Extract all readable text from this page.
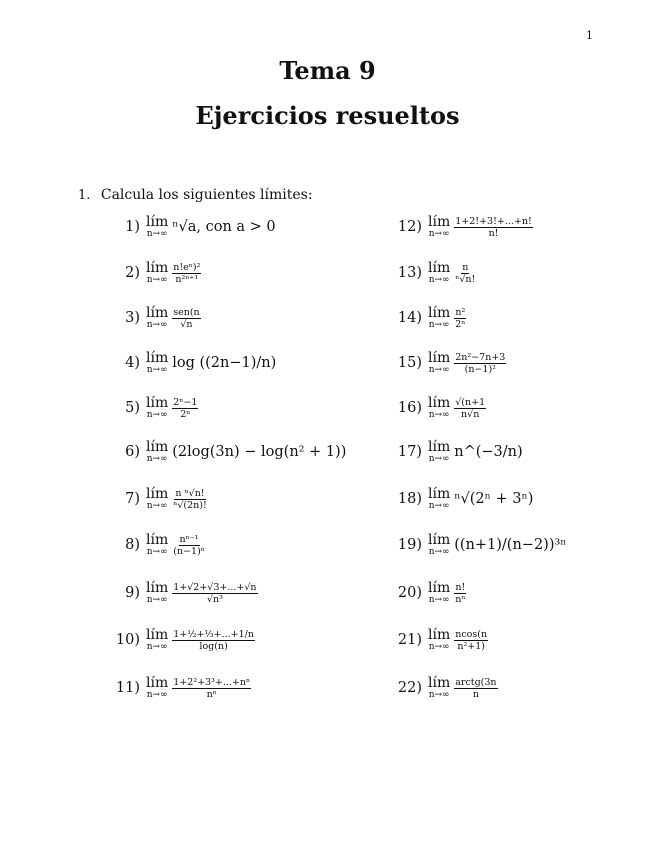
1
Tema 9
Ejercicios resueltos
1. Calcula los siguientes límites:
1) lím
n→∞ ⁿ√a, con a > 0
2) lím
$n\to\infty \frac{\text{n!eⁿ)²}}{\text{n²ⁿ⁺¹}}$
3) lím
$n\to\infty \frac{\text{sen(n}}{√n}$
4) lím
n→∞ log ((2n−1)/n)
5) lím
$n\to\infty \frac{\text{2ⁿ−1}}{\text{2ⁿ}}$
6) lím
n→∞ (2log(3n) − log(n² + 1))
7) lím
$n\to\infty \frac{\text{n ⁿ√n!}}{\text{ⁿ√(2n)!}}$
8) lím
$n\to\infty \frac{\text{nⁿ⁻¹}}{\text{(n−1)ⁿ}}$
9) lím
$n\to\infty \frac{1+√2+√3+...+√n}{\text{√n³}}$
10) lím
$n\to\infty \frac{\text{1+½+⅓+...+1/n}}{\log(n)}$
11) lím
$n\to\infty \frac{\text{1+2²+3³+...+nⁿ}}{\text{nⁿ}}$
12) lím
$n\to\infty \frac{1+2!+3!+...+n!}{n!}$
13) lím
$n\to\infty \frac{n}{\text{ⁿ√n!}}$
14) lím
$n\to\infty \frac{\text{n²}}{\text{2ⁿ}}$
15) lím
$n\to\infty \frac{\text{2n²−7n+3}}{\text{(n−1)²}}$
16) lím
$n\to\infty \frac{√(n+1}{n√n}$
17) lím
n→∞ n^(−3/n)
18) lím
n→∞ ⁿ√(2ⁿ + 3ⁿ)
19) lím
n→∞ ((n+1)/(n−2))³ⁿ
20) lím
$n\to\infty \frac{n!}{\text{nⁿ}}$
21) lím
$n\to\infty \frac{ncos(n}{\text{n²+1)}}$
22) lím
$n\to\infty \frac{\text{arctg(3n}}{n}$
